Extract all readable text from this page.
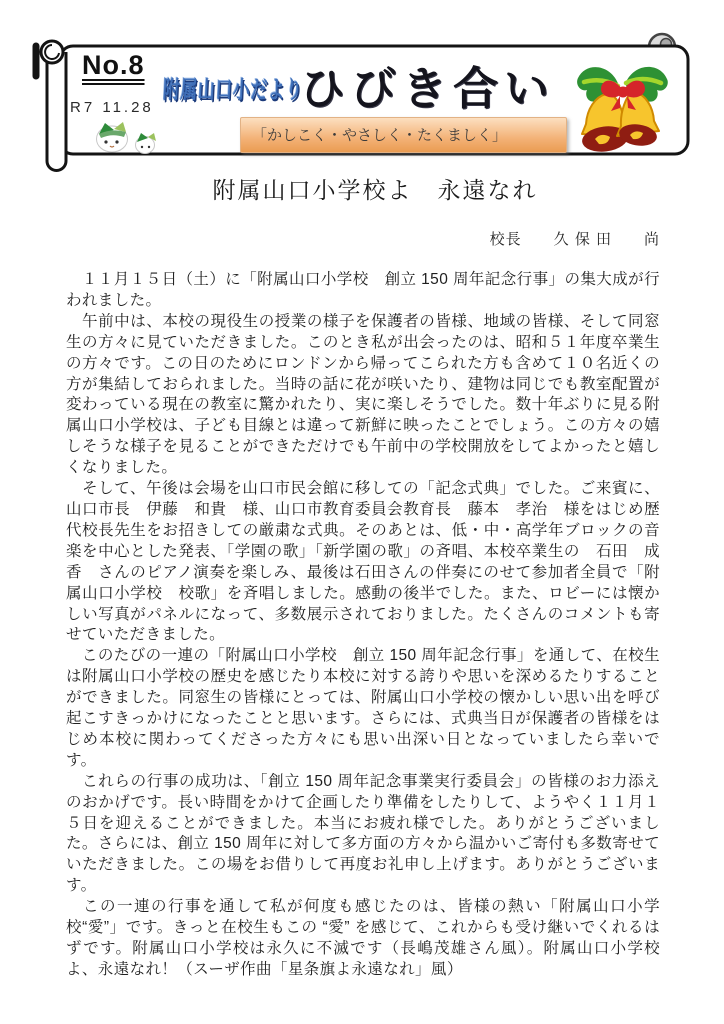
No.8
R7 11.28
附属山口小だより
ひびき合い
「かしこく・やさしく・たくましく」
附属山口小学校よ　永遠なれ
校長　　久 保 田　　尚

　１１月１５日（土）に「附属山口小学校　創立 150 周年記念行事」の集大成が行われました。

　午前中は、本校の現役生の授業の様子を保護者の皆様、地域の皆様、そして同窓生の方々に見ていただきました。このとき私が出会ったのは、昭和５１年度卒業生の方々です。この日のためにロンドンから帰ってこられた方も含めて１０名近くの方が集結しておられました。当時の話に花が咲いたり、建物は同じでも教室配置が変わっている現在の教室に驚かれたり、実に楽しそうでした。数十年ぶりに見る附属山口小学校は、子ども目線とは違って新鮮に映ったことでしょう。この方々の嬉しそうな様子を見ることができただけでも午前中の学校開放をしてよかったと嬉しくなりました。

　そして、午後は会場を山口市民会館に移しての「記念式典」でした。ご来賓に、山口市長　伊藤　和貴　様、山口市教育委員会教育長　藤本　孝治　様をはじめ歴代校長先生をお招きしての厳粛な式典。そのあとは、低・中・高学年ブロックの音楽を中心とした発表、「学園の歌」「新学園の歌」の斉唱、本校卒業生の　石田　成香　さんのピアノ演奏を楽しみ、最後は石田さんの伴奏にのせて参加者全員で「附属山口小学校　校歌」を斉唱しました。感動の後半でした。また、ロビーには懐かしい写真がパネルになって、多数展示されておりました。たくさんのコメントも寄せていただきました。

　このたびの一連の「附属山口小学校　創立 150 周年記念行事」を通して、在校生は附属山口小学校の歴史を感じたり本校に対する誇りや思いを深めるたりすることができました。同窓生の皆様にとっては、附属山口小学校の懐かしい思い出を呼び起こすきっかけになったことと思います。さらには、式典当日が保護者の皆様をはじめ本校に関わってくださった方々にも思い出深い日となっていましたら幸いです。

　これらの行事の成功は、「創立 150 周年記念事業実行委員会」の皆様のお力添えのおかげです。長い時間をかけて企画したり準備をしたりして、ようやく１１月１５日を迎えることができました。本当にお疲れ様でした。ありがとうございました。さらには、創立 150 周年に対して多方面の方々から温かいご寄付も多数寄せていただきました。この場をお借りして再度お礼申し上げます。ありがとうございます。

　この一連の行事を通して私が何度も感じたのは、皆様の熱い「附属山口小学校“愛”」です。きっと在校生もこの “愛” を感じて、これからも受け継いでくれるはずです。附属山口小学校は永久に不滅です（長嶋茂雄さん風）。附属山口小学校よ、永遠なれ！（スーザ作曲「星条旗よ永遠なれ」風）
